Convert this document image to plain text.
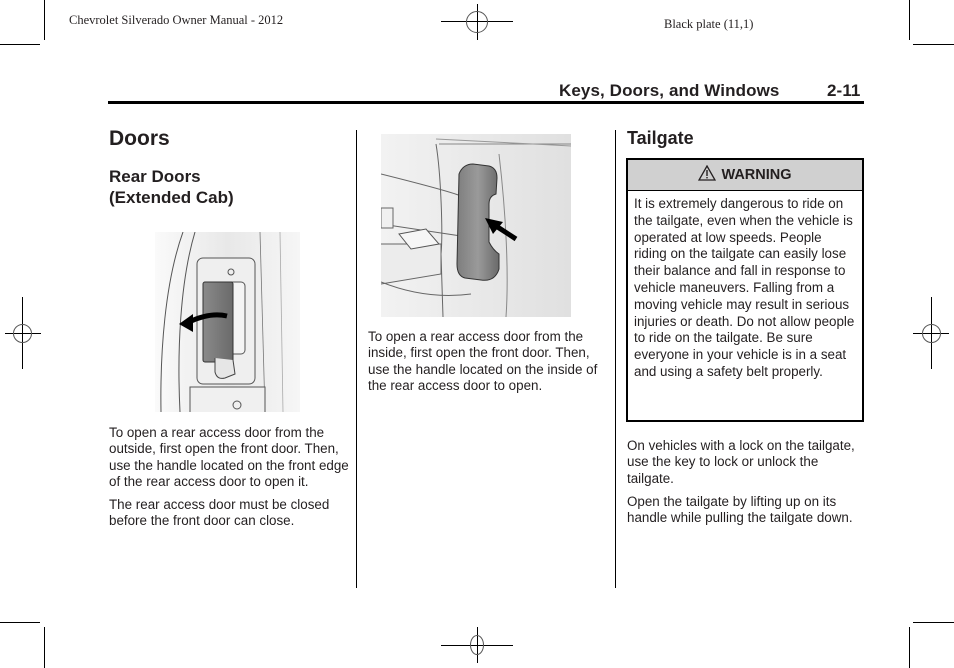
Chevrolet Silverado Owner Manual - 2012	Black plate (11,1)
Keys, Doors, and Windows	2-11
Doors
Rear Doors
(Extended Cab)

To open a rear access door from the outside, first open the front door. Then, use the handle located on the front edge of the rear access door to open it.

The rear access door must be closed before the front door can close.

To open a rear access door from the inside, first open the front door. Then, use the handle located on the inside of the rear access door to open.

Tailgate
WARNING
It is extremely dangerous to ride on the tailgate, even when the vehicle is operated at low speeds. People riding on the tailgate can easily lose their balance and fall in response to vehicle maneuvers. Falling from a moving vehicle may result in serious injuries or death. Do not allow people to ride on the tailgate. Be sure everyone in your vehicle is in a seat and using a safety belt properly.

On vehicles with a lock on the tailgate, use the key to lock or unlock the tailgate.

Open the tailgate by lifting up on its handle while pulling the tailgate down.
